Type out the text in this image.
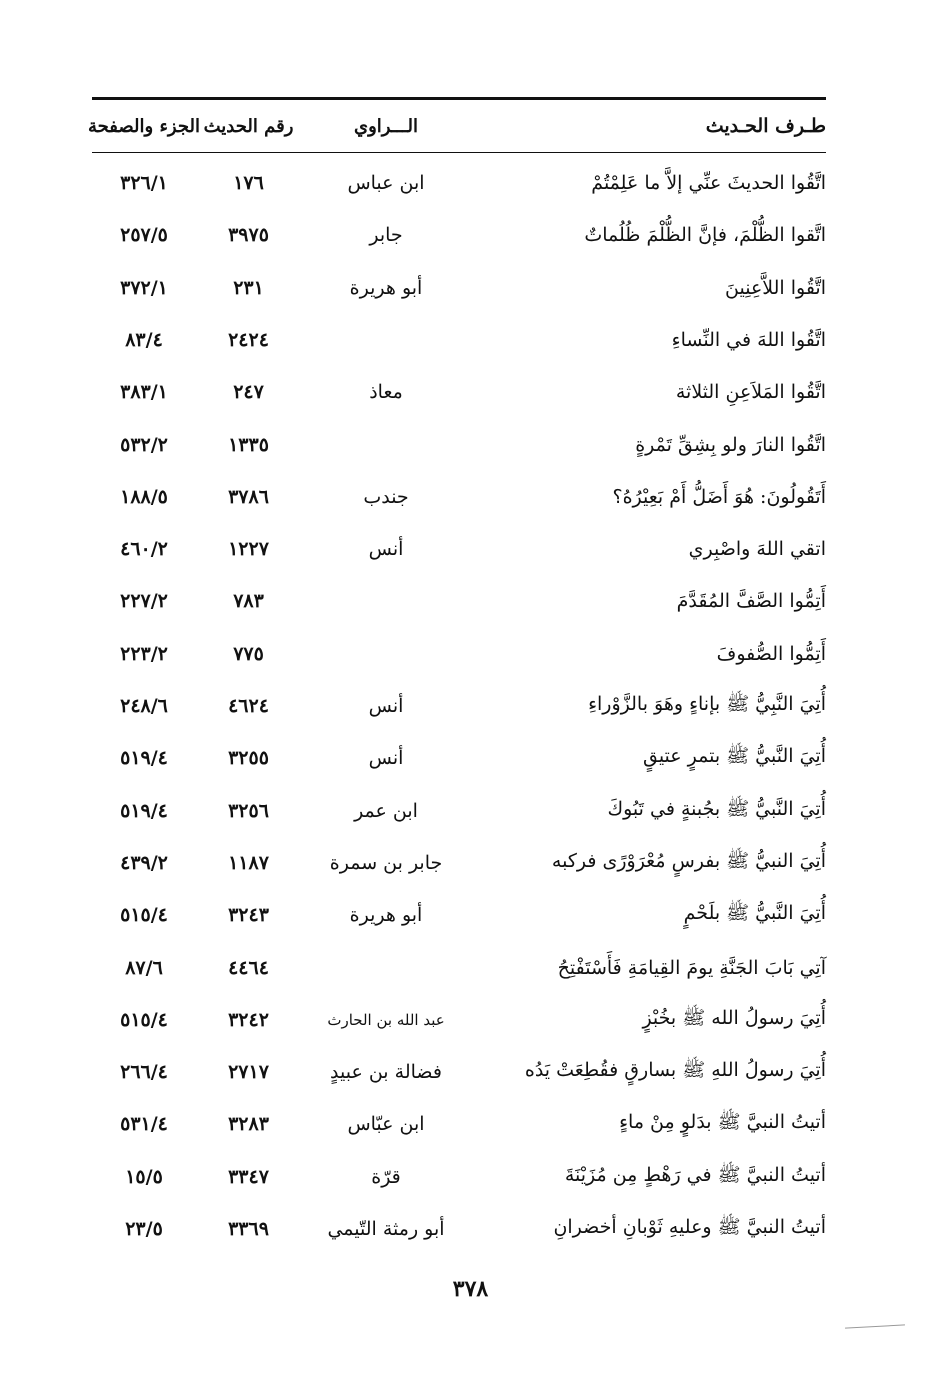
طـرف الحـديث
الـــراوي
رقم الحديث
الجزء والصفحة
اتَّقُوا الحديثَ عنِّي إلاَّ ما عَلِمْتُمْ
ابن عباس
١٧٦
٣٢٦/١
اتَّقوا الظُّلْمَ، فإنَّ الظُّلْمَ ظُلُماتٌ
جابر
٣٩٧٥
٢٥٧/٥
اتَّقُوا اللاَّعِنِينَ
أبو هريرة
٢٣١
٣٧٢/١
اتَّقُوا اللهَ في النِّساءِ
٢٤٢٤
٨٣/٤
اتَّقُوا المَلاَعِنِ الثلاثة
معاذ
٢٤٧
٣٨٣/١
اتَّقُوا النارَ ولو بِشِقِّ تَمْرةٍ
١٣٣٥
٥٣٢/٢
أَتَقُولُونَ: هُوَ أَضَلُّ أَمْ بَعِيْرُهُ؟
جندب
٣٧٨٦
١٨٨/٥
اتقي اللهَ واصْبِري
أنس
١٢٢٧
٤٦٠/٢
أَتِمُّوا الصَّفَّ المُقَدَّمَ
٧٨٣
٢٢٧/٢
أَتِمُّوا الصُّفوفَ
٧٧٥
٢٢٣/٢
أُتِيَ النَّبِيُّ ﷺ بإناءٍ وهَوَ بالزَّوْراءِ
أنس
٤٦٢٤
٢٤٨/٦
أُتِيَ النَّبيُّ ﷺ بتمرٍ عتيقٍ
أنس
٣٢٥٥
٥١٩/٤
أُتِيَ النَّبيُّ ﷺ بجُبنةٍ في تَبُوكَ
ابن عمر
٣٢٥٦
٥١٩/٤
أُتِيَ النبيُّ ﷺ بفرسٍ مُعْرَوْرًى فركبه
جابر بن سمرة
١١٨٧
٤٣٩/٢
أُتِيَ النَّبيُّ ﷺ بلَحْمٍ
أبو هريرة
٣٢٤٣
٥١٥/٤
آتِي بَابَ الجَنَّةِ يومَ القِيامَةِ فَأَسْتَفْتِحُ
٤٤٦٤
٨٧/٦
أُتِيَ رسولُ الله ﷺ بخُبْزٍ
عبد الله بن الحارث
٣٢٤٢
٥١٥/٤
أُتِيَ رسولُ اللهِ ﷺ بسارقٍ فقُطِعَتْ يَدُه
فضالة بن عبيدٍ
٢٧١٧
٢٦٦/٤
أتيتُ النبيَّ ﷺ بدَلوٍ مِنْ ماءٍ
ابن عبّاس
٣٢٨٣
٥٣١/٤
أتيتُ النبيَّ ﷺ في رَهْطٍ مِن مُزَيْنَةَ
قرّة
٣٣٤٧
١٥/٥
أتيتُ النبيَّ ﷺ وعليهِ ثَوْبانِ أخضرانِ
أبو رمثة التّيمي
٣٣٦٩
٢٣/٥
٣٧٨
